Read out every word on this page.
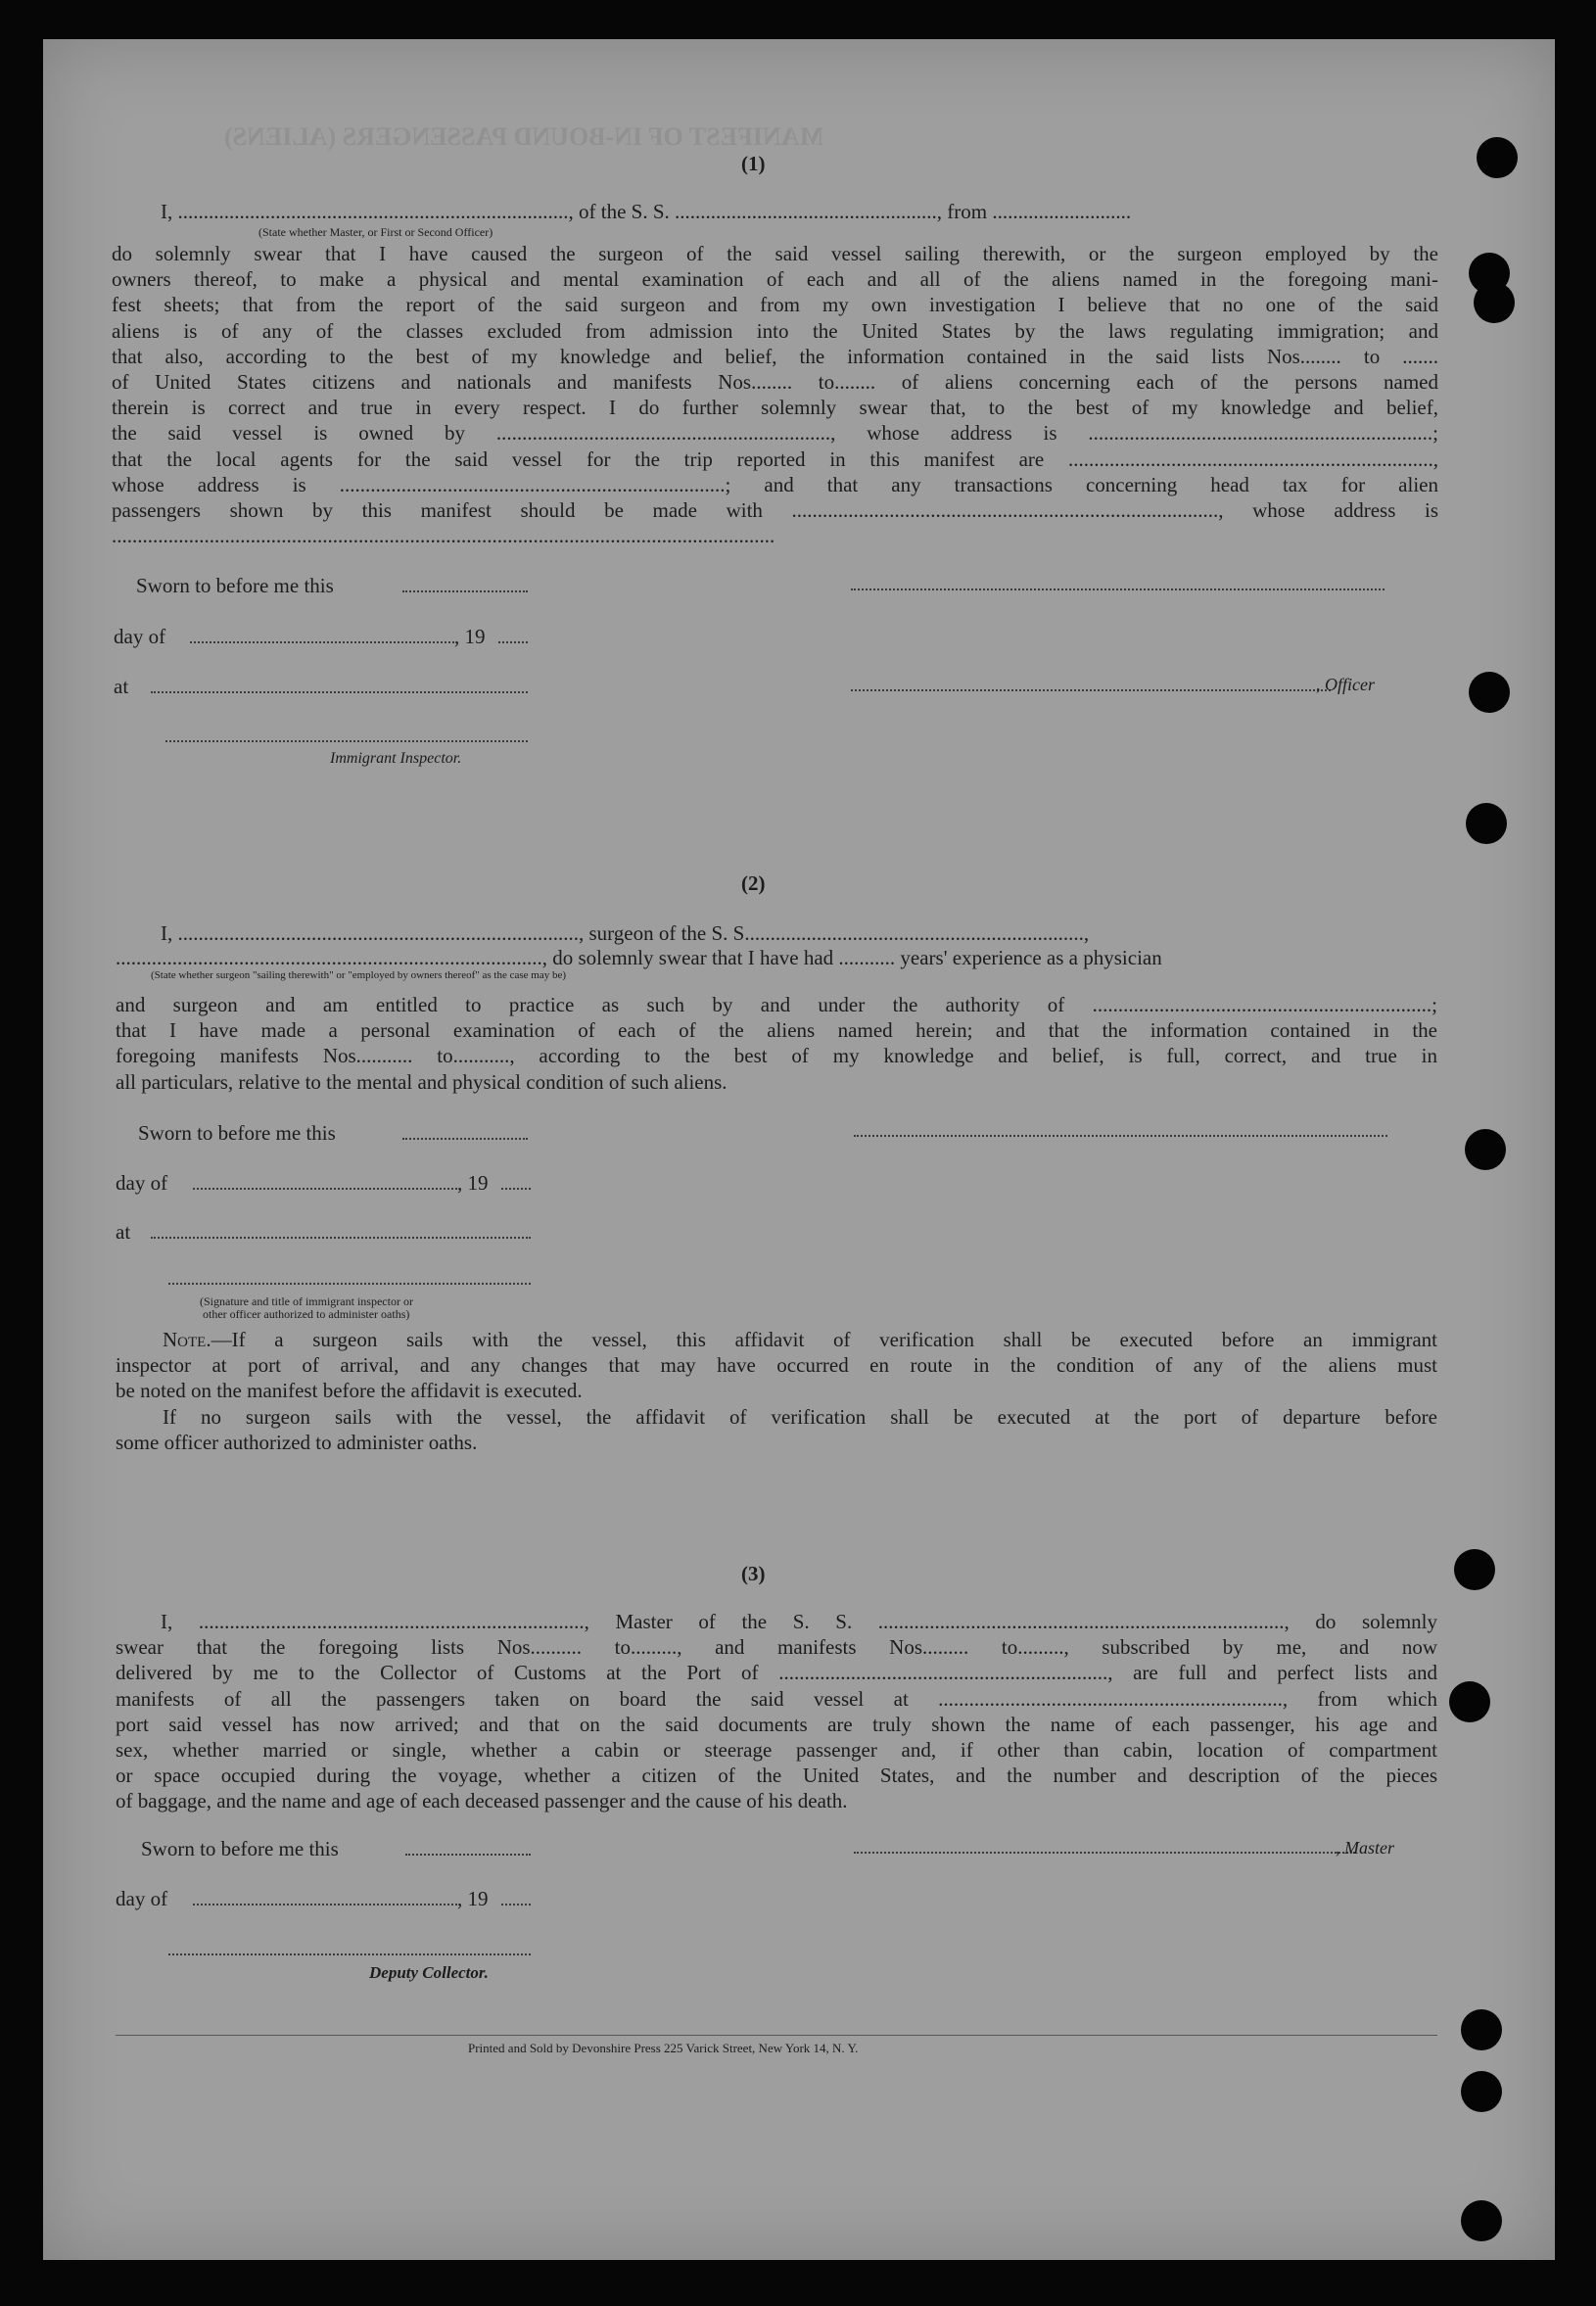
MANIFEST OF IN-BOUND PASSENGERS (ALIENS)
(1)
I, ............................................................................, of the S. S. ..................................................., from ...........................
(State whether Master, or First or Second Officer)
do solemnly swear that I have caused the surgeon of the said vessel sailing therewith, or the surgeon employed by the
owners thereof, to make a physical and mental examination of each and all of the aliens named in the foregoing mani-
fest sheets; that from the report of the said surgeon and from my own investigation I believe that no one of the said
aliens is of any of the classes excluded from admission into the United States by the laws regulating immigration; and
that also, according to the best of my knowledge and belief, the information contained in the said lists Nos........ to .......
of United States citizens and nationals and manifests Nos........ to........ of aliens concerning each of the persons named
therein is correct and true in every respect. I do further solemnly swear that, to the best of my knowledge and belief,
the said vessel is owned by ................................................................., whose address is ...................................................................;
that the local agents for the said vessel for the trip reported in this manifest are .......................................................................,
whose address is ...........................................................................; and that any transactions concerning head tax for alien
passengers shown by this manifest should be made with ..................................................................................., whose address is
.................................................................................................................................
Sworn to before me this
day of	, 19
at	, Officer
Immigrant Inspector.
(2)
I, .............................................................................., surgeon of the S. S..................................................................,
..................................................................................., do solemnly swear that I have had ........... years' experience as a physician
(State whether surgeon "sailing therewith" or "employed by owners thereof" as the case may be)
and surgeon and am entitled to practice as such by and under the authority of ..................................................................;
that I have made a personal examination of each of the aliens named herein; and that the information contained in the
foregoing manifests Nos........... to..........., according to the best of my knowledge and belief, is full, correct, and true in
all particulars, relative to the mental and physical condition of such aliens.
Sworn to before me this
day of	, 19
at
(Signature and title of immigrant inspector or
other officer authorized to administer oaths)
Note.—If a surgeon sails with the vessel, this affidavit of verification shall be executed before an immigrant
inspector at port of arrival, and any changes that may have occurred en route in the condition of any of the aliens must
be noted on the manifest before the affidavit is executed.
If no surgeon sails with the vessel, the affidavit of verification shall be executed at the port of departure before
some officer authorized to administer oaths.
(3)
I, ..........................................................................., Master of the S. S. ..............................................................................., do solemnly
swear that the foregoing lists Nos.......... to........., and manifests Nos......... to........., subscribed by me, and now
delivered by me to the Collector of Customs at the Port of ................................................................, are full and perfect lists and
manifests of all the passengers taken on board the said vessel at ..................................................................., from which
port said vessel has now arrived; and that on the said documents are truly shown the name of each passenger, his age and
sex, whether married or single, whether a cabin or steerage passenger and, if other than cabin, location of compartment
or space occupied during the voyage, whether a citizen of the United States, and the number and description of the pieces
of baggage, and the name and age of each deceased passenger and the cause of his death.
Sworn to before me this	, Master
day of	, 19
Deputy Collector.
Printed and Sold by Devonshire Press 225 Varick Street, New York 14, N. Y.
